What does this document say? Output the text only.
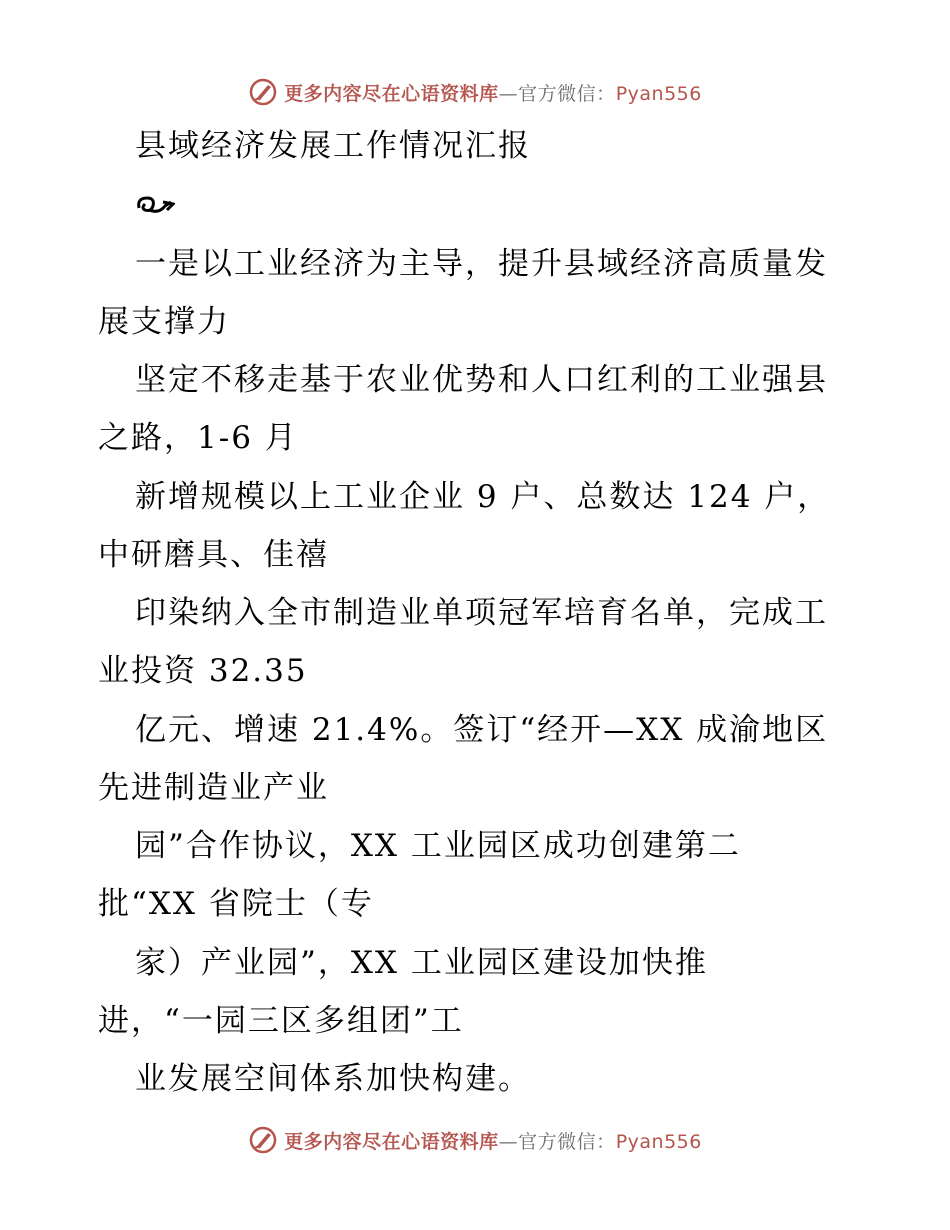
更多内容尽在心语资料库—官方微信：Pyan556
县域经济发展工作情况汇报
一是以工业经济为主导，提升县域经济高质量发
展支撑力
坚定不移走基于农业优势和人口红利的工业强县
之路，1-6 月
新增规模以上工业企业 9 户、总数达 124 户，
中研磨具、佳禧
印染纳入全市制造业单项冠军培育名单，完成工
业投资 32.35
亿元、增速 21.4%。签订“经开—XX 成渝地区
先进制造业产业
园”合作协议，XX 工业园区成功创建第二
批“XX 省院士（专
家）产业园”，XX 工业园区建设加快推
进，“一园三区多组团”工
业发展空间体系加快构建。
更多内容尽在心语资料库—官方微信：Pyan556
